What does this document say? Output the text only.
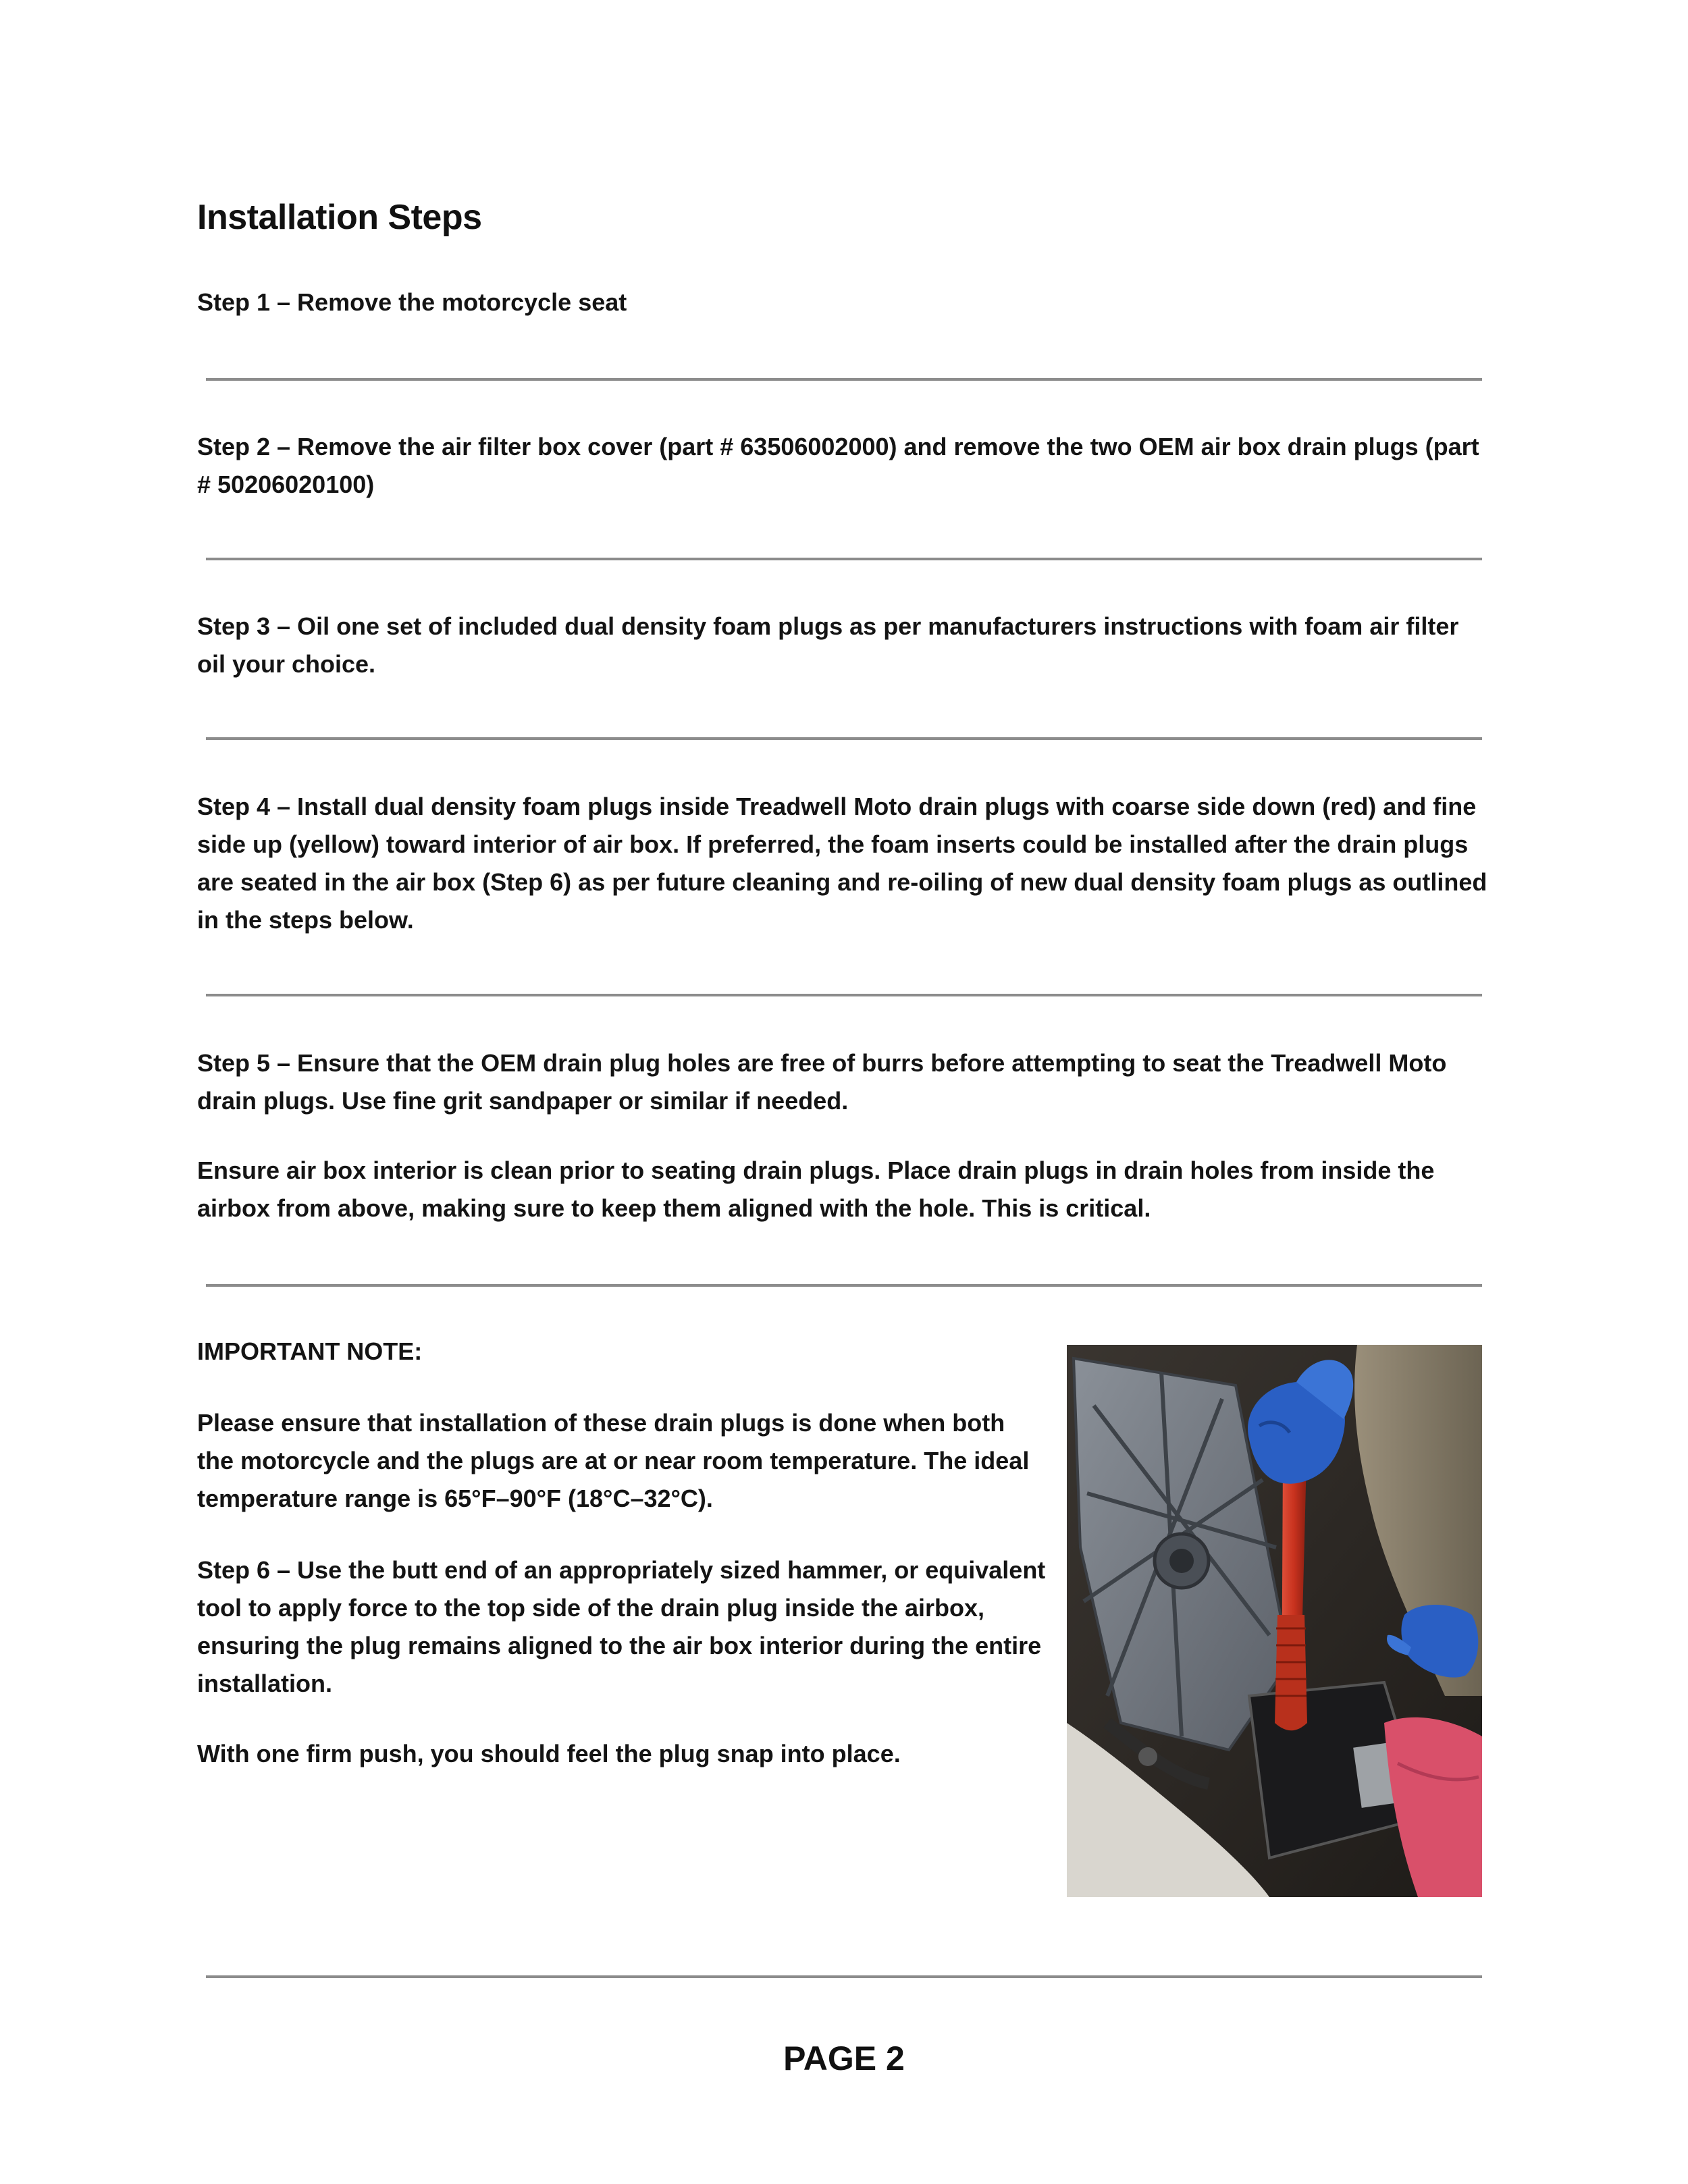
Installation Steps

Step 1 – Remove the motorcycle seat

Step 2 – Remove the air filter box cover (part # 63506002000) and remove the two OEM air box drain plugs (part # 50206020100)

Step 3 – Oil one set of included dual density foam plugs as per manufacturers instructions with foam air filter oil your choice.

Step 4 – Install dual density foam plugs inside Treadwell Moto drain plugs with coarse side down (red) and fine side up (yellow) toward interior of air box. If preferred, the foam inserts could be installed after the drain plugs are seated in the air box (Step 6) as per future cleaning and re-oiling of new dual density foam plugs as outlined in the steps below.

Step 5 – Ensure that the OEM drain plug holes are free of burrs before attempting to seat the Treadwell Moto drain plugs. Use fine grit sandpaper or similar if needed.

Ensure air box interior is clean prior to seating drain plugs. Place drain plugs in drain holes from inside the airbox from above, making sure to keep them aligned with the hole. This is critical.

IMPORTANT NOTE:

Please ensure that installation of these drain plugs is done when both the motorcycle and the plugs are at or near room temperature. The ideal temperature range is 65°F–90°F (18°C–32°C).

Step 6 – Use the butt end of an appropriately sized hammer, or equivalent tool to apply force to the top side of the drain plug inside the airbox, ensuring the plug remains aligned to the air box interior during the entire installation.

With one firm push, you should feel the plug snap into place.

PAGE 2
